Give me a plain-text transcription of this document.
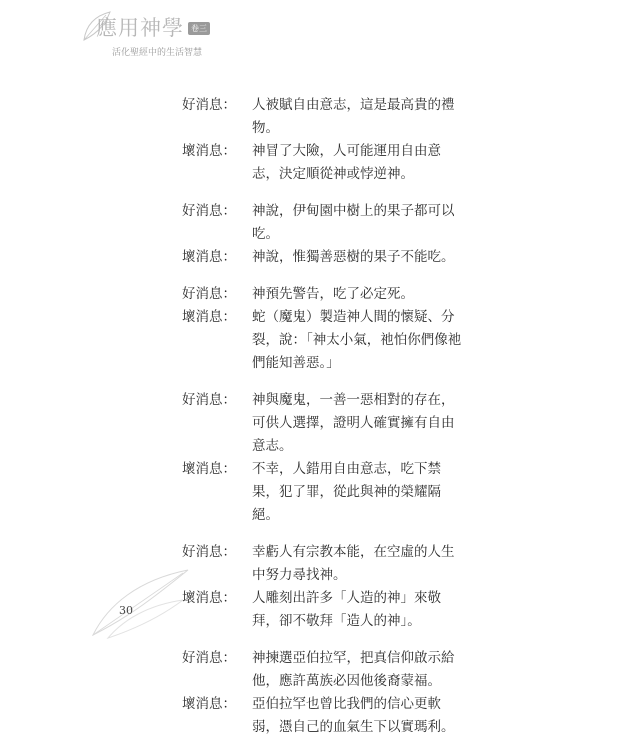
應用神學 卷三
活化聖經中的生活智慧
好消息：	人被賦自由意志，這是最高貴的禮物。
壞消息：	神冒了大險，人可能運用自由意志，決定順從神或悖逆神。
好消息：	神說，伊甸園中樹上的果子都可以吃。
壞消息：	神說，惟獨善惡樹的果子不能吃。
好消息：	神預先警告，吃了必定死。
壞消息：	蛇（魔鬼）製造神人間的懷疑、分裂，說：「神太小氣，祂怕你們像祂們能知善惡。」
好消息：	神與魔鬼，一善一惡相對的存在，可供人選擇，證明人確實擁有自由意志。
壞消息：	不幸，人錯用自由意志，吃下禁果，犯了罪，從此與神的榮耀隔絕。
好消息：	幸虧人有宗教本能，在空虛的人生中努力尋找神。
壞消息：	人雕刻出許多「人造的神」來敬拜，卻不敬拜「造人的神」。
好消息：	神揀選亞伯拉罕，把真信仰啟示給他，應許萬族必因他後裔蒙福。
壞消息：	亞伯拉罕也曾比我們的信心更軟弱，憑自己的血氣生下以實瑪利。
30
